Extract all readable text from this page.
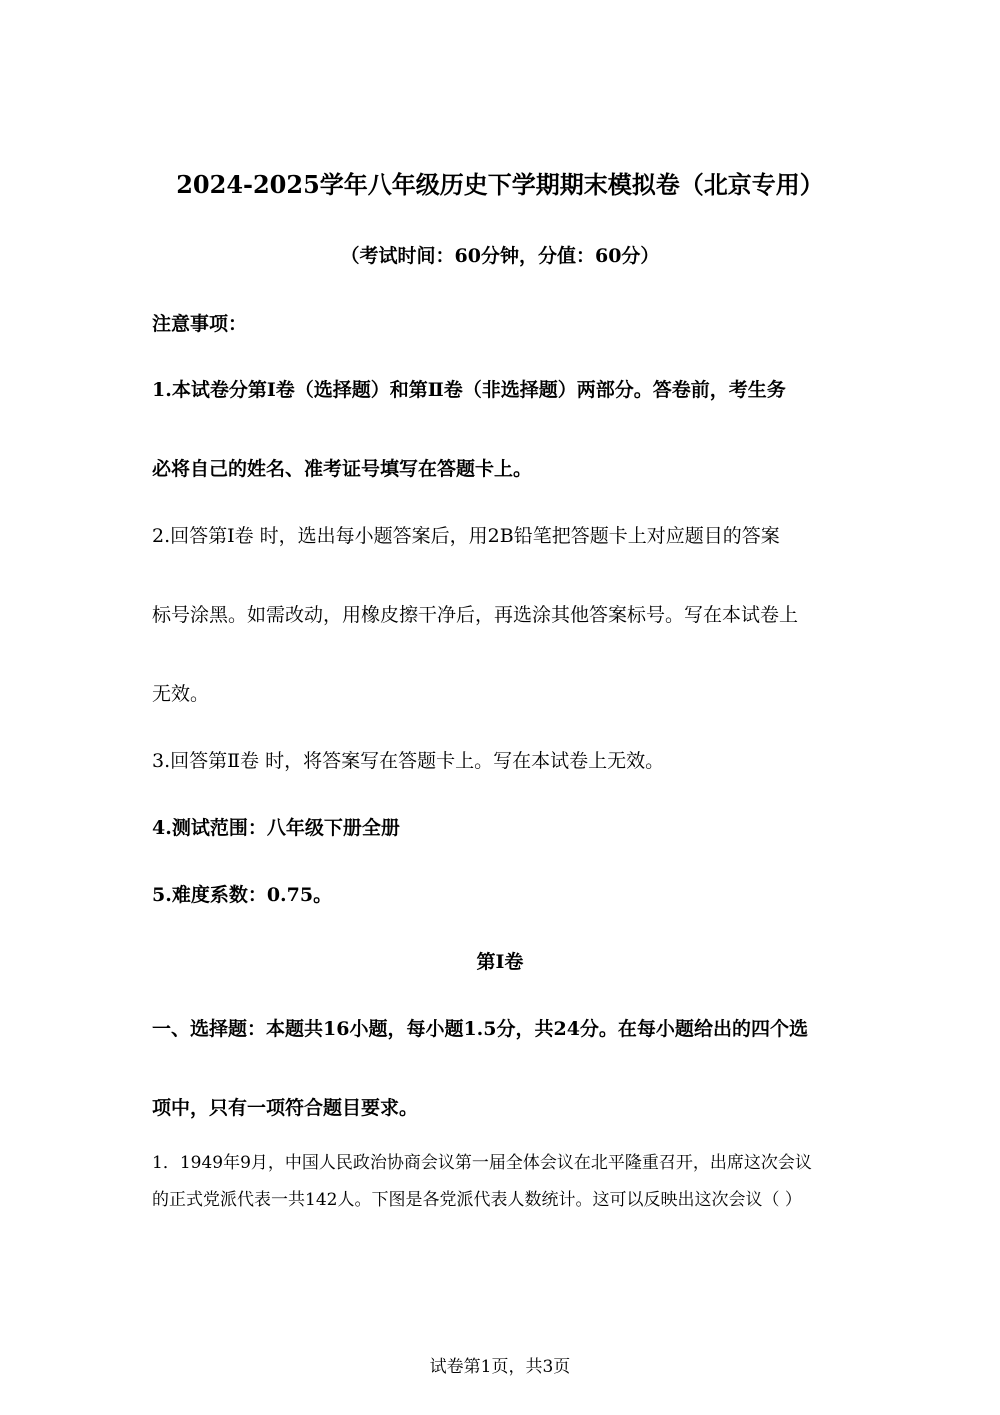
2024-2025学年八年级历史下学期期末模拟卷（北京专用）
（考试时间：60分钟，分值：60分）
注意事项：
1.本试卷分第Ⅰ卷（选择题）和第Ⅱ卷（非选择题）两部分。答卷前，考生务
必将自己的姓名、准考证号填写在答题卡上。
2.回答第Ⅰ卷 时，选出每小题答案后，用2B铅笔把答题卡上对应题目的答案
标号涂黑。如需改动，用橡皮擦干净后，再选涂其他答案标号。写在本试卷上
无效。
3.回答第Ⅱ卷 时，将答案写在答题卡上。写在本试卷上无效。
4.测试范围：八年级下册全册
5.难度系数：0.75。
第Ⅰ卷
一、选择题：本题共16小题，每小题1.5分，共24分。在每小题给出的四个选
项中，只有一项符合题目要求。
1．1949年9月，中国人民政治协商会议第一届全体会议在北平隆重召开，出席这次会议
的正式党派代表一共142人。下图是各党派代表人数统计。这可以反映出这次会议（ ）
试卷第1页，共3页
